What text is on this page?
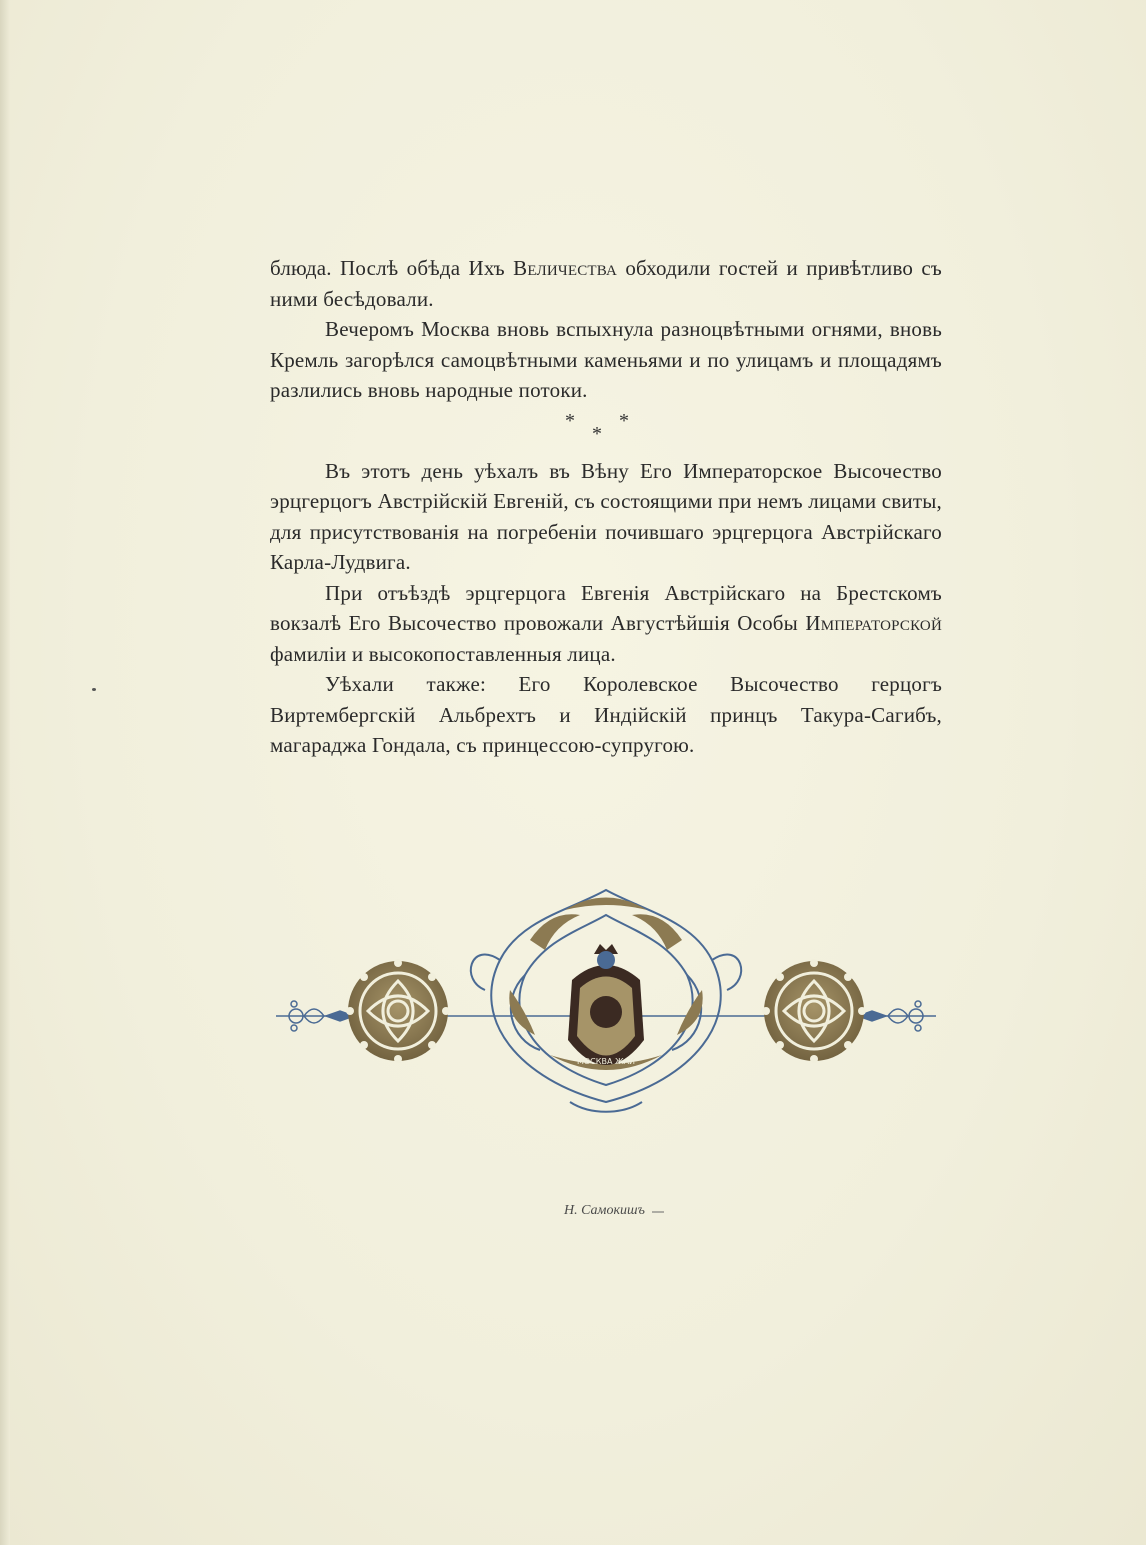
блюда. Послѣ обѣда Ихъ Величества обходили гостей и привѣтливо съ ними бесѣдовали.

Вечеромъ Москва вновь вспыхнула разноцвѣтными огнями, вновь Кремль загорѣлся самоцвѣтными каменьями и по улицамъ и площадямъ разлились вновь народные потоки.

* *
*

Въ этотъ день уѣхалъ въ Вѣну Его Императорское Высочество эрцгерцогъ Австрійскій Евгеній, съ состоящими при немъ лицами свиты, для присутствованія на погребеніи почившаго эрцгерцога Австрійскаго Карла-Лудвига.

При отъѣздѣ эрцгерцога Евгенія Австрійскаго на Брестскомъ вокзалѣ Его Высочество провожали Августѣйшія Особы Императорской фамиліи и высокопоставленныя лица.

Уѣхали также: Его Королевское Высочество герцогъ Виртембергскій Альбрехтъ и Индійскій принцъ Такура-Сагибъ, магараджа Гондала, съ принцессою-супругою.

МОСКВА ЖАИ
Н. Самокишъ
